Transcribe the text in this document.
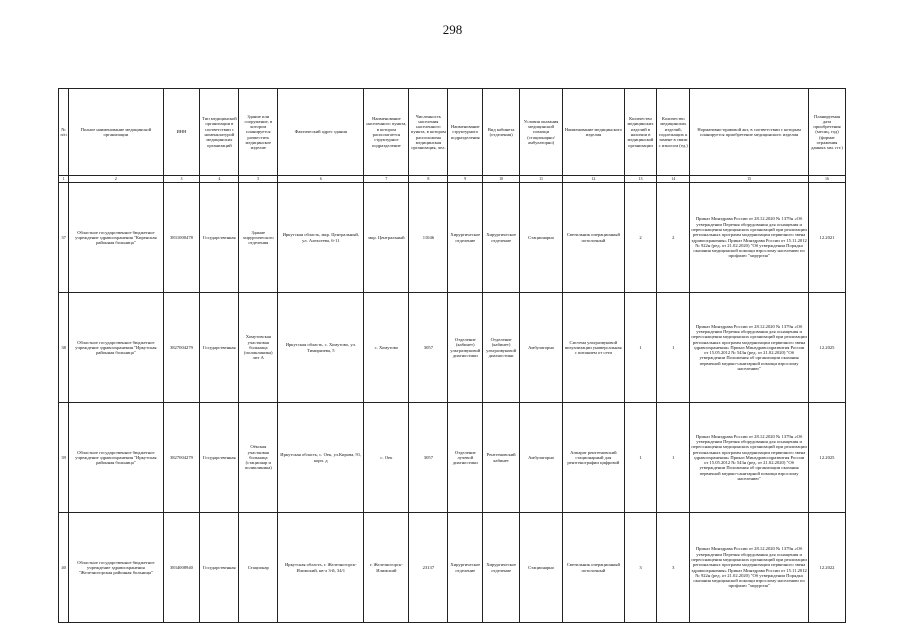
298
№ п/п	Полное наименование медицинской организации	ИНН	Тип медицинской организации в соответствии с номенклатурой медицинских организаций	Здание или сооружение, в котором планируется разместить медицинское изделие	Фактический адрес здания	Наименование населенного пункта, в котором располагается структурное подразделение	Численность населения населенного пункта, в котором расположена медицинская организация, чел.	Наименование структурного подразделения	Вид кабинета (отделения)	Условия оказания медицинской помощи (стационарно/амбулаторно)	Наименование медицинского изделия	Количество медицинских изделий в наличии в медицинской организации	Количество медицинских изделий, подлежащих к замене в связи с износом (ед.)	Нормативно-правовой акт, в соответствии с которым планируется приобретение медицинского изделия	Планируемая дата приобретения (месяц, год) (формат отражения данных мм. ггг.)
1	2	3	4	5	6	7	8	9	10	11	12	13	14	15	16
37	Областное государственное бюджетное учреждение здравоохранения "Киренская районная больница"	3831000478	Государственная	Здание хирургического отделения	Иркутская область, мкр. Центральный, ул. Алексеева, 6-11	мкр. Центральный	11046	Хирургическое отделение	Хирургическое отделение	Стационарно	Светильник операционный потолочный	2	2	Приказ Минздрава России от 28.12.2020 № 1379н «Об утверждении Перечня оборудования для оснащения и переоснащения медицинских организаций при реализации региональных программ модернизации первичного звена здравоохранения» Приказ Минздрава России от 15.11.2012 № 922н (ред. от 21.02.2020) "Об утверждении Порядка оказания медицинской помощи взрослому населению по профилю "хирургия"	12.2021
38	Областное государственное бюджетное учреждение здравоохранения "Иркутская районная больница"	3827004279	Государственная	Хомутовская участковая больница (поликлиника) лит А	Иркутская область, с. Хомутово, ул. Тимирязева, 5	с. Хомутово	3057	Отделение (кабинет) ультразвуковой диагностики	Отделение (кабинет) ультразвуковой диагностики	Амбулаторно	Система ультразвуковой визуализации универсальная с питанием от сети	1	1	Приказ Минздрава России от 28.12.2020 № 1379н «Об утверждении Перечня оборудования для оснащения и переоснащения медицинских организаций при реализации региональных программ модернизации первичного звена здравоохранения» Приказ Минздравсоцразвития России от 15.05.2012 № 543н (ред. от 21.02.2020) "Об утверждении Положения об организации оказания первичной медико-санитарной помощи взрослому населению"	12.2025
39	Областное государственное бюджетное учреждение здравоохранения "Иркутская районная больница"	3827004279	Государственная	Оёкская участковая больница (стационар и поликлиника)	Иркутская область, с. Оек, ул.Кирова, 91, корп. д	с. Оек	3057	Отделение лучевой диагностики	Рентгеновский кабинет	Амбулаторно	Аппарат рентгеновский стационарный для рентгенографии цифровой	1	1	Приказ Минздрава России от 28.12.2020 № 1379н «Об утверждении Перечня оборудования для оснащения и переоснащения медицинских организаций при реализации региональных программ модернизации первичного звена здравоохранения» Приказ Минздравсоцразвития России от 15.05.2012 № 543н (ред. от 21.02.2020) "Об утверждении Положения об организации оказания первичной медико-санитарной помощи взрослому населению"	12.2025
40	Областное государственное бюджетное учреждение здравоохранения "Железногорская районная больница"	3834008940	Государственная	Стационар	Иркутская область, г. Железногорск-Илимский, кв-л 3-й, 34/1	г. Железногорск-Илимский	23137	Хирургическое отделение	Хирургическое отделение	Стационарно	Светильник операционный потолочный	3	3	Приказ Минздрава России от 28.12.2020 № 1379н «Об утверждении Перечня оборудования для оснащения и переоснащения медицинских организаций при реализации региональных программ модернизации первичного звена здравоохранения» Приказ Минздрава России от 15.11.2012 № 922н (ред. от 21.02.2020) "Об утверждении Порядка оказания медицинской помощи взрослому населению по профилю "хирургия"	12.2022
